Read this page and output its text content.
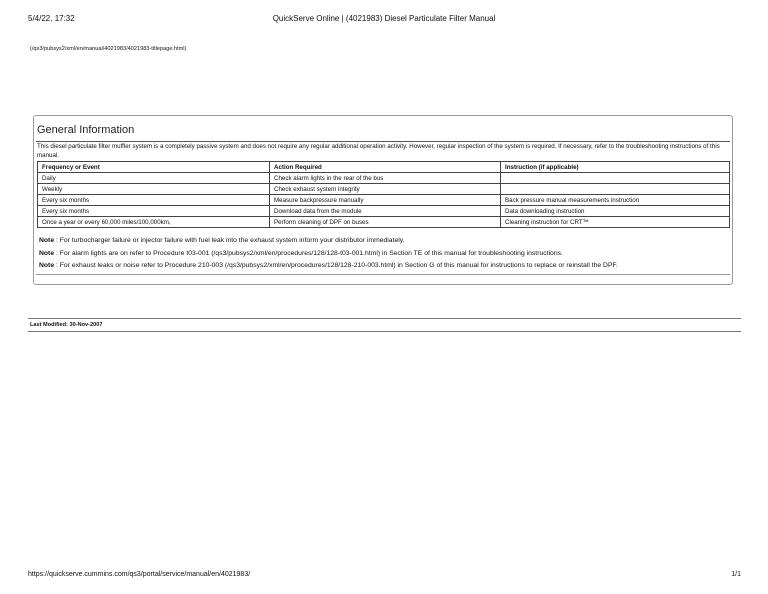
5/4/22, 17:32	QuickServe Online | (4021983) Diesel Particulate Filter Manual
(/qs3/pubsys2/xml/en/manual/4021983/4021983-titlepage.html)
General Information
This diesel particulate filter muffler system is a completely passive system and does not require any regular additional operation activity. However, regular inspection of the system is required. If necessary, refer to the troubleshooting instructions of this manual.
Frequency or Event	Action Required	Instruction (if applicable)
Daily	Check alarm lights in the rear of the bus	
Weekly	Check exhaust system integrity	
Every six months	Measure backpressure manually	Back pressure manual measurements instruction
Every six months	Download data from the module	Data downloading instruction
Once a year or every 60,000 miles/100,000km,	Perform cleaning of DPF on buses	Cleaning instruction for CRT™
Note : For turbocharger failure or injector failure with fuel leak into the exhaust system inform your distributor immediately.
Note : For alarm lights are on refer to Procedure t03-001 (/qs3/pubsys2/xml/en/procedures/128/128-t03-001.html) in Section TE of this manual for troubleshooting instructions.
Note : For exhaust leaks or noise refer to Procedure 210-003 (/qs3/pubsys2/xml/en/procedures/128/128-210-003.html) in Section G of this manual for instructions to replace or reinstall the DPF.
Last Modified: 30-Nov-2007
https://quickserve.cummins.com/qs3/portal/service/manual/en/4021983/	1/1
